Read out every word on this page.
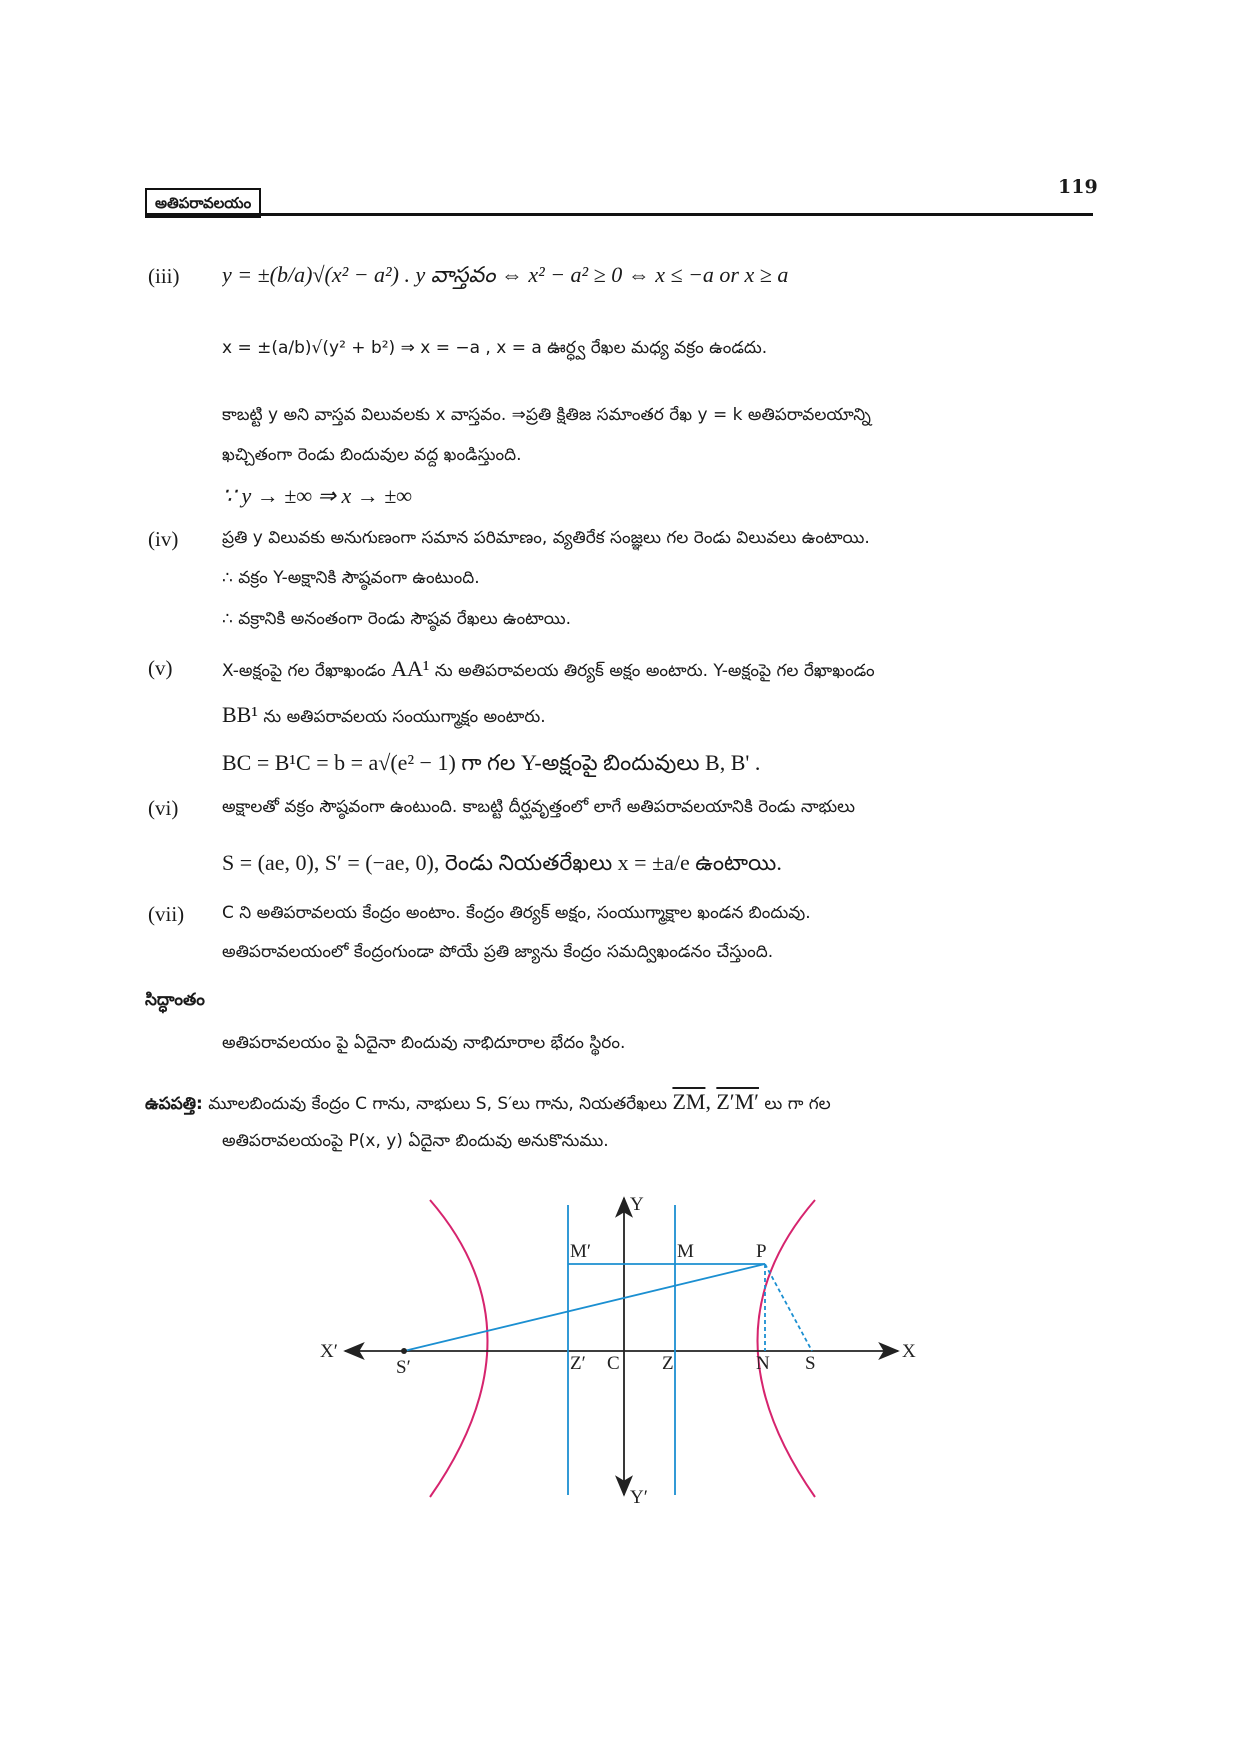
అతిపరావలయం
119
(iii) y = ±(b/a)√(x² − a²) . y వాస్తవం ⇔ x² − a² ≥ 0 ⇔ x ≤ −a or x ≥ a
x = ±(a/b)√(y² + b²) ⇒ x = −a , x = a ఊర్ధ్వ రేఖల మధ్య వక్రం ఉండదు.
కాబట్టి y అని వాస్తవ విలువలకు x వాస్తవం. ⇒ప్రతి క్షితిజ సమాంతర రేఖ y = k అతిపరావలయాన్ని
ఖచ్చితంగా రెండు బిందువుల వద్ద ఖండిస్తుంది.
∵ y → ±∞ ⇒ x → ±∞
(iv)	ప్రతి y విలువకు అనుగుణంగా సమాన పరిమాణం, వ్యతిరేక సంజ్ఞలు గల రెండు విలువలు ఉంటాయి.
∴ వక్రం Y-అక్షానికి సౌష్ఠవంగా ఉంటుంది.
∴ వక్రానికి అనంతంగా రెండు సౌష్ఠవ రేఖలు ఉంటాయి.
(v)	X-అక్షంపై గల రేఖాఖండం AA¹ ను అతిపరావలయ తిర్యక్ అక్షం అంటారు. Y-అక్షంపై గల రేఖాఖండం
BB¹ ను అతిపరావలయ సంయుగ్మాక్షం అంటారు.
BC = B¹C = b = a√(e² − 1) గా గల Y-అక్షంపై బిందువులు B, B' .
(vi)	అక్షాలతో వక్రం సౌష్ఠవంగా ఉంటుంది. కాబట్టి దీర్ఘవృత్తంలో లాగే అతిపరావలయానికి రెండు నాభులు
S = (ae, 0), S′ = (−ae, 0), రెండు నియతరేఖలు x = ±a/e ఉంటాయి.
(vii) C ని అతిపరావలయ కేంద్రం అంటాం. కేంద్రం తిర్యక్ అక్షం, సంయుగ్మాక్షాల ఖండన బిందువు.
అతిపరావలయంలో కేంద్రంగుండా పోయే ప్రతి జ్యాను కేంద్రం సమద్విఖండనం చేస్తుంది.
సిద్ధాంతం
అతిపరావలయం పై ఏదైనా బిందువు నాభిదూరాల భేదం స్థిరం.
ఉపపత్తి: మూలబిందువు కేంద్రం C గాను, నాభులు S, S′లు గాను, నియతరేఖలు $\overline{ZM}$, Z′M′ లు గా గల
అతిపరావలయంపై P(x, y) ఏదైనా బిందువు అనుకొనుము.
Y
Y′
X
X′
M′	M	P
S′	Z′ C Z	N S
